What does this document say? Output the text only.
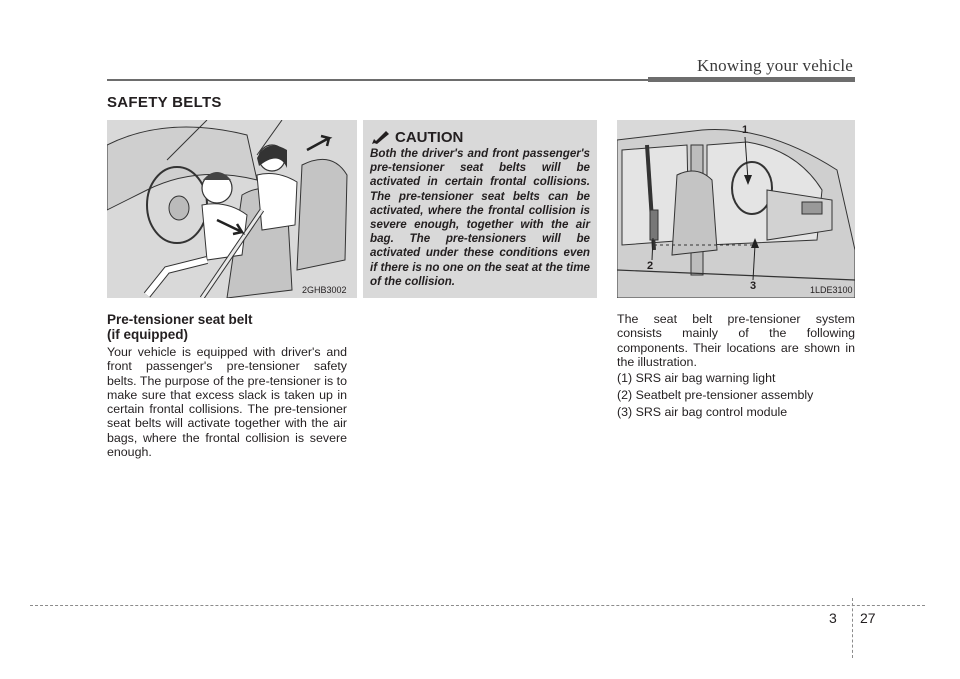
Knowing your vehicle
SAFETY BELTS
2GHB3002
CAUTION

Both the driver's and front passenger's pre-tensioner seat belts will be activated in certain frontal collisions. The pre-tensioner seat belts can be activated, where the frontal collision is severe enough, together with the air bag. The pre-tensioners will be activated under these conditions even if there is no one on the seat at the time of the collision.

1
2
3	1LDE3100
Pre-tensioner seat belt
(if equipped)

Your vehicle is equipped with driver's and front passenger's pre-tensioner safety belts. The purpose of the pre-tensioner is to make sure that excess slack is taken up in certain frontal collisions. The pre-tensioner seat belts will activate together with the air bags, where the frontal collision is severe enough.

The seat belt pre-tensioner system consists mainly of the following components. Their locations are shown in the illustration.

(1) SRS air bag warning light
(2) Seatbelt pre-tensioner assembly
(3) SRS air bag control module
3 27
